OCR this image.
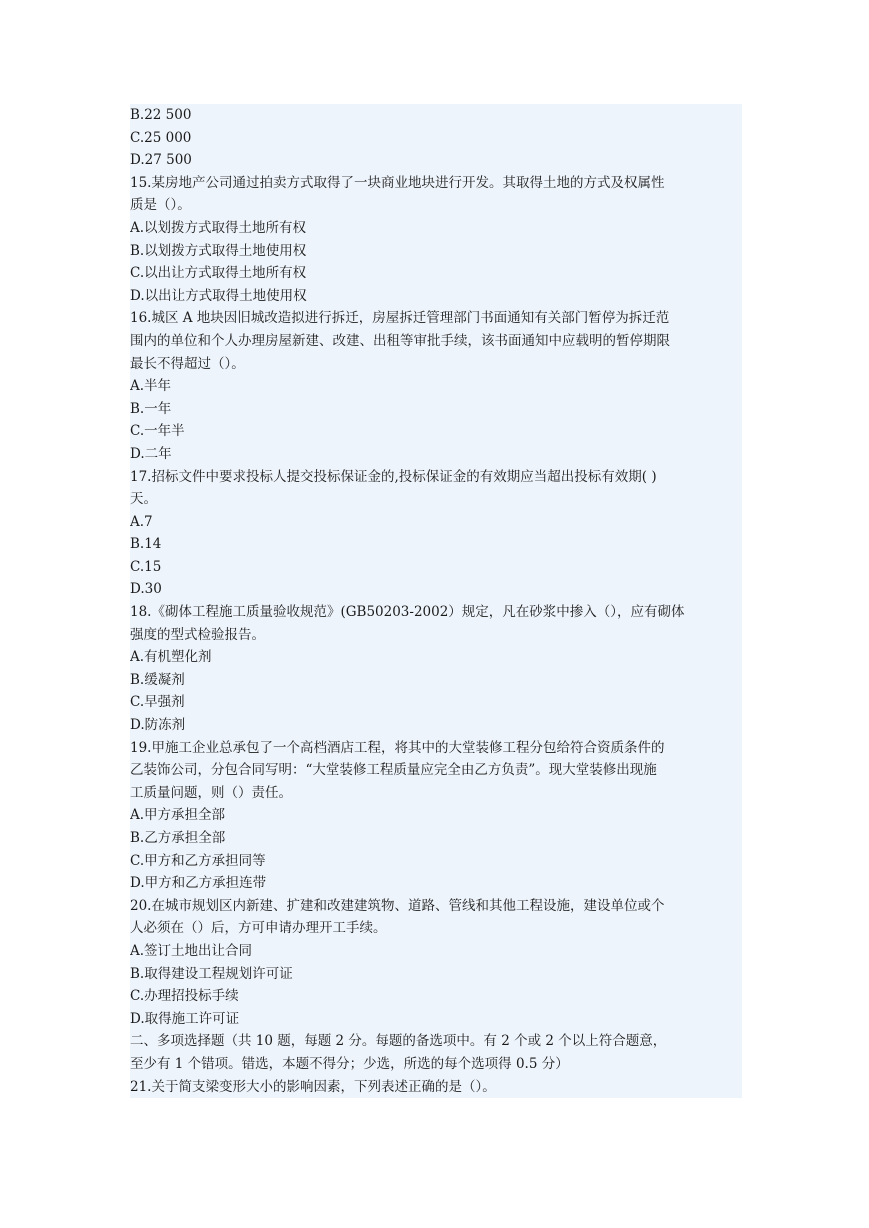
B.22 500
C.25 000
D.27 500
15.某房地产公司通过拍卖方式取得了一块商业地块进行开发。其取得土地的方式及权属性
质是（）。
A.以划拨方式取得土地所有权
B.以划拨方式取得土地使用权
C.以出让方式取得土地所有权
D.以出让方式取得土地使用权
16.城区 A 地块因旧城改造拟进行拆迁，房屋拆迁管理部门书面通知有关部门暂停为拆迁范
围内的单位和个人办理房屋新建、改建、出租等审批手续，该书面通知中应载明的暂停期限
最长不得超过（）。
A.半年
B.一年
C.一年半
D.二年
17.招标文件中要求投标人提交投标保证金的,投标保证金的有效期应当超出投标有效期( )
天。
A.7
B.14
C.15
D.30
18.《砌体工程施工质量验收规范》(GB50203-2002）规定，凡在砂浆中掺入（），应有砌体
强度的型式检验报告。
A.有机塑化剂
B.缓凝剂
C.早强剂
D.防冻剂
19.甲施工企业总承包了一个高档酒店工程，将其中的大堂装修工程分包给符合资质条件的
乙装饰公司，分包合同写明：“大堂装修工程质量应完全由乙方负责”。现大堂装修出现施
工质量问题，则（）责任。
A.甲方承担全部
B.乙方承担全部
C.甲方和乙方承担同等
D.甲方和乙方承担连带
20.在城市规划区内新建、扩建和改建建筑物、道路、管线和其他工程设施，建设单位或个
人必须在（）后，方可申请办理开工手续。
A.签订土地出让合同
B.取得建设工程规划许可证
C.办理招投标手续
D.取得施工许可证
二、多项选择题（共 10 题，每题 2 分。每题的备选项中。有 2 个或 2 个以上符合题意，
至少有 1 个错项。错选，本题不得分；少选，所选的每个选项得 0.5 分）
21.关于简支梁变形大小的影响因素，下列表述正确的是（）。
